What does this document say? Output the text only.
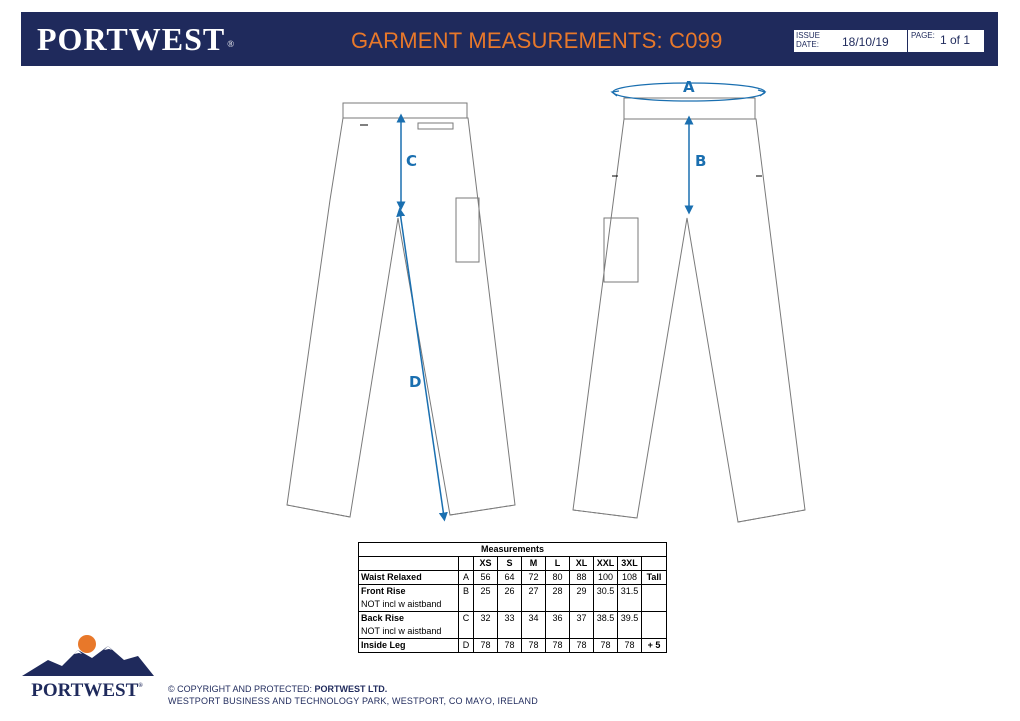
PORTWEST ®	GARMENT MEASUREMENTS: C099	ISSUE
DATE: 18/10/19	PAGE: 1 of 1
A
B
C
D
Measurements									
		XS	S	M	L	XL	XXL	3XL	
Waist Relaxed	A	56	64	72	80	88	100	108	Tall
Front Rise	B	25	26	27	28	29	30.5	31.5	
NOT incl w aistband									
Back Rise	C	32	33	34	36	37	38.5	39.5	
NOT incl w aistband									
Inside Leg	D	78	78	78	78	78	78	78	+ 5
PORTWEST®	© COPYRIGHT AND PROTECTED: PORTWEST LTD.
WESTPORT BUSINESS AND TECHNOLOGY PARK, WESTPORT, CO MAYO, IRELAND
